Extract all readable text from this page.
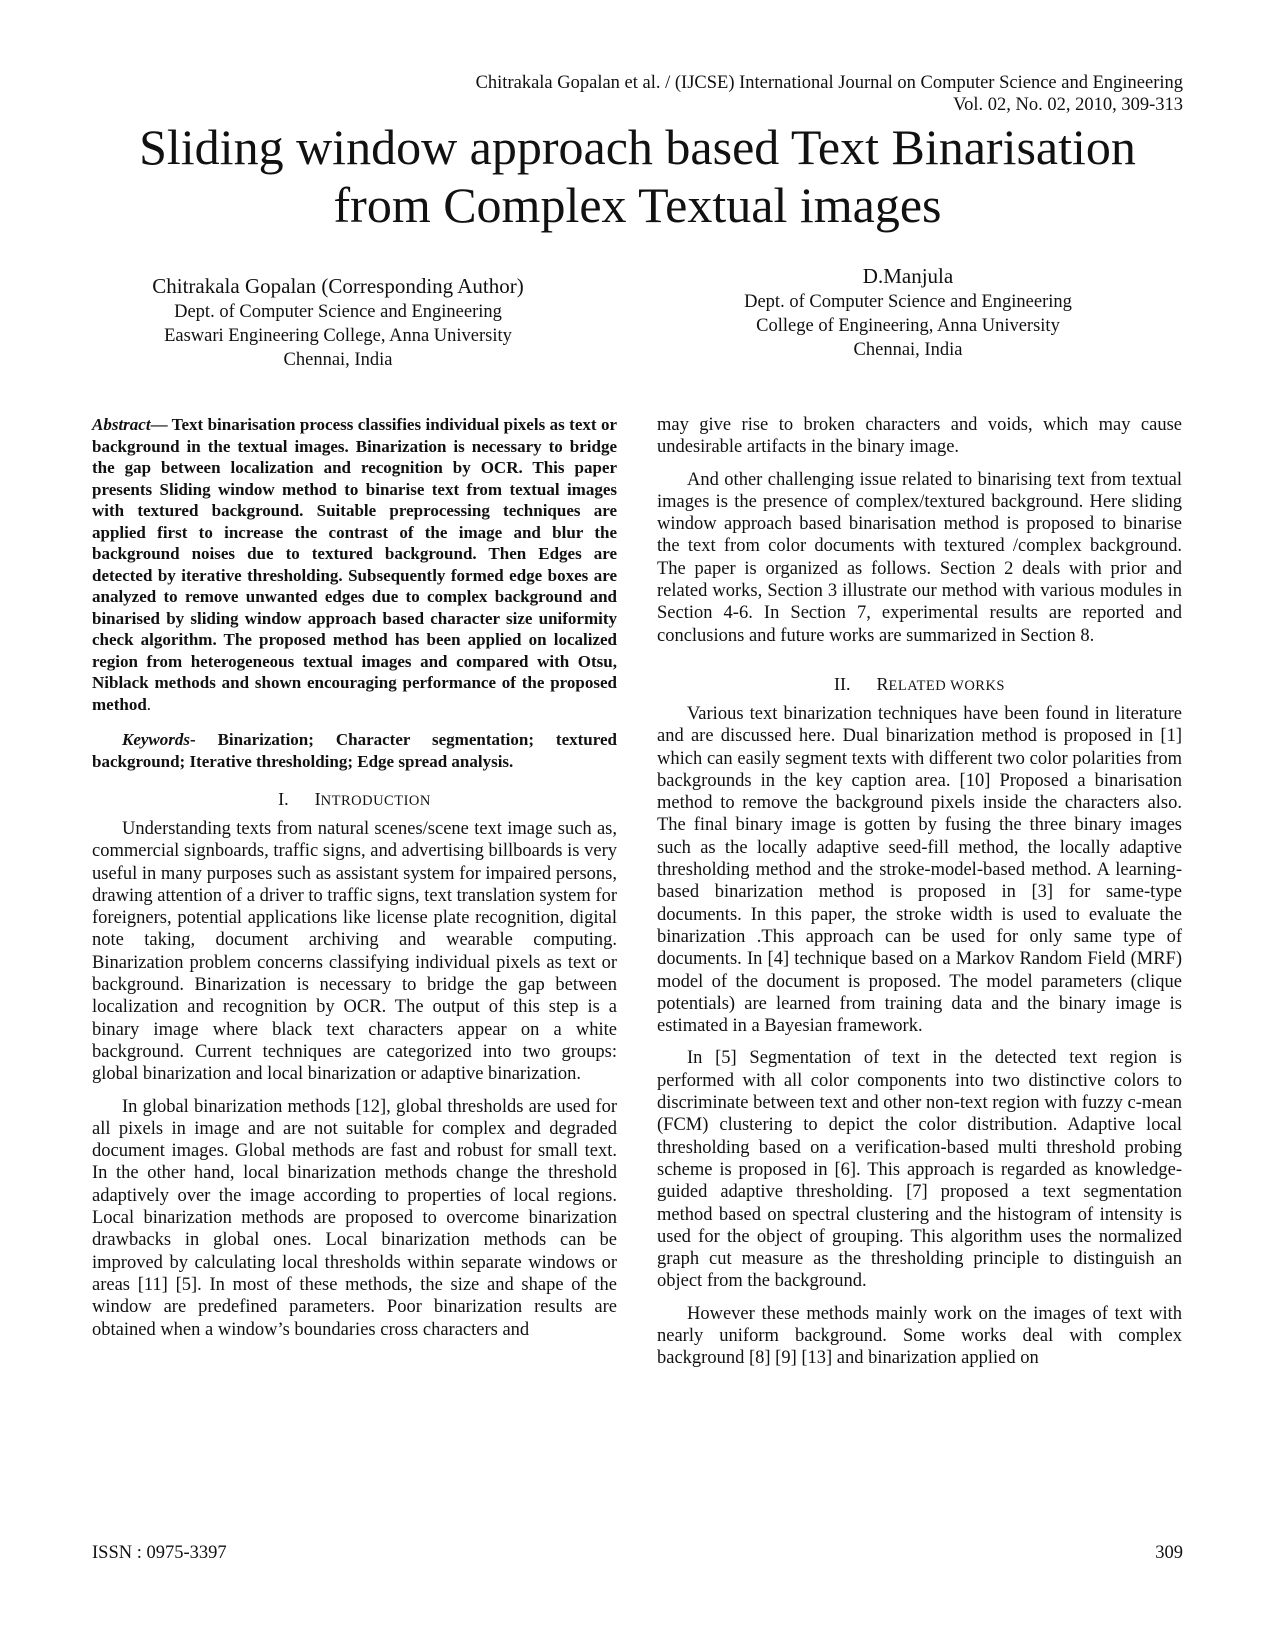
Chitrakala Gopalan et al. / (IJCSE) International Journal on Computer Science and Engineering
Vol. 02, No. 02, 2010, 309-313
Sliding window approach based Text Binarisation
from Complex Textual images
Chitrakala Gopalan (Corresponding Author)
Dept. of Computer Science and Engineering
Easwari Engineering College, Anna University
Chennai, India
D.Manjula
Dept. of Computer Science and Engineering
College of Engineering, Anna University
Chennai, India

Abstract— Text binarisation process classifies individual pixels as text or background in the textual images. Binarization is necessary to bridge the gap between localization and recognition by OCR. This paper presents Sliding window method to binarise text from textual images with textured background. Suitable preprocessing techniques are applied first to increase the contrast of the image and blur the background noises due to textured background. Then Edges are detected by iterative thresholding. Subsequently formed edge boxes are analyzed to remove unwanted edges due to complex background and binarised by sliding window approach based character size uniformity check algorithm. The proposed method has been applied on localized region from heterogeneous textual images and compared with Otsu, Niblack methods and shown encouraging performance of the proposed method.

Keywords- Binarization; Character segmentation; textured background; Iterative thresholding; Edge spread analysis.

I. INTRODUCTION

Understanding texts from natural scenes/scene text image such as, commercial signboards, traffic signs, and advertising billboards is very useful in many purposes such as assistant system for impaired persons, drawing attention of a driver to traffic signs, text translation system for foreigners, potential applications like license plate recognition, digital note taking, document archiving and wearable computing. Binarization problem concerns classifying individual pixels as text or background. Binarization is necessary to bridge the gap between localization and recognition by OCR. The output of this step is a binary image where black text characters appear on a white background. Current techniques are categorized into two groups: global binarization and local binarization or adaptive binarization.

In global binarization methods [12], global thresholds are used for all pixels in image and are not suitable for complex and degraded document images. Global methods are fast and robust for small text. In the other hand, local binarization methods change the threshold adaptively over the image according to properties of local regions. Local binarization methods are proposed to overcome binarization drawbacks in global ones. Local binarization methods can be improved by calculating local thresholds within separate windows or areas [11] [5]. In most of these methods, the size and shape of the window are predefined parameters. Poor binarization results are obtained when a window’s boundaries cross characters and

may give rise to broken characters and voids, which may cause undesirable artifacts in the binary image.

And other challenging issue related to binarising text from textual images is the presence of complex/textured background. Here sliding window approach based binarisation method is proposed to binarise the text from color documents with textured /complex background. The paper is organized as follows. Section 2 deals with prior and related works, Section 3 illustrate our method with various modules in Section 4-6. In Section 7, experimental results are reported and conclusions and future works are summarized in Section 8.

II. RELATED WORKS

Various text binarization techniques have been found in literature and are discussed here. Dual binarization method is proposed in [1] which can easily segment texts with different two color polarities from backgrounds in the key caption area. [10] Proposed a binarisation method to remove the background pixels inside the characters also. The final binary image is gotten by fusing the three binary images such as the locally adaptive seed-fill method, the locally adaptive thresholding method and the stroke-model-based method. A learning-based binarization method is proposed in [3] for same-type documents. In this paper, the stroke width is used to evaluate the binarization .This approach can be used for only same type of documents. In [4] technique based on a Markov Random Field (MRF) model of the document is proposed. The model parameters (clique potentials) are learned from training data and the binary image is estimated in a Bayesian framework.

In [5] Segmentation of text in the detected text region is performed with all color components into two distinctive colors to discriminate between text and other non-text region with fuzzy c-mean (FCM) clustering to depict the color distribution. Adaptive local thresholding based on a verification-based multi threshold probing scheme is proposed in [6]. This approach is regarded as knowledge-guided adaptive thresholding. [7] proposed a text segmentation method based on spectral clustering and the histogram of intensity is used for the object of grouping. This algorithm uses the normalized graph cut measure as the thresholding principle to distinguish an object from the background.

However these methods mainly work on the images of text with nearly uniform background. Some works deal with complex background [8] [9] [13] and binarization applied on

ISSN : 0975-3397	309
